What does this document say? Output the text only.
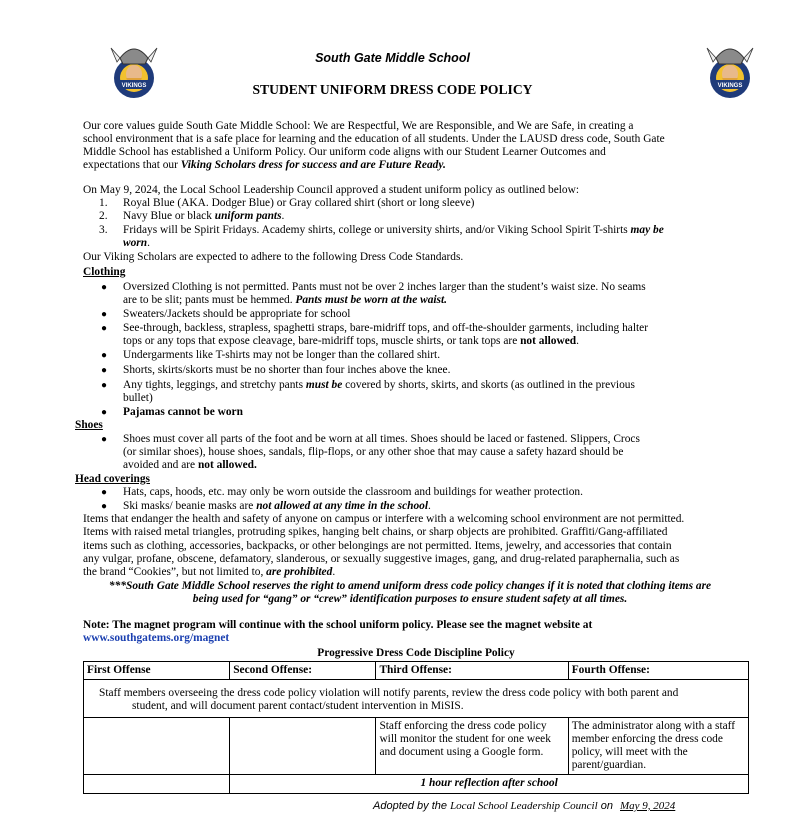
VIKINGS	VIKINGS
South Gate Middle School
STUDENT UNIFORM DRESS CODE POLICY
Our core values guide South Gate Middle School: We are Respectful, We are Responsible, and We are Safe, in creating a
school environment that is a safe place for learning and the education of all students. Under the LAUSD dress code, South Gate
Middle School has established a Uniform Policy. Our uniform code aligns with our Student Learner Outcomes and
expectations that our Viking Scholars dress for success and are Future Ready.
On May 9, 2024, the Local School Leadership Council approved a student uniform policy as outlined below:
1. Royal Blue (AKA. Dodger Blue) or Gray collared shirt (short or long sleeve)
2. Navy Blue or black uniform pants.
3. Fridays will be Spirit Fridays. Academy shirts, college or university shirts, and/or Viking School Spirit T-shirts may be
worn.
Our Viking Scholars are expected to adhere to the following Dress Code Standards.
Clothing
● Oversized Clothing is not permitted. Pants must not be over 2 inches larger than the student’s waist size. No seams
are to be slit; pants must be hemmed. Pants must be worn at the waist.
● Sweaters/Jackets should be appropriate for school
● See-through, backless, strapless, spaghetti straps, bare-midriff tops, and off-the-shoulder garments, including halter
tops or any tops that expose cleavage, bare-midriff tops, muscle shirts, or tank tops are not allowed.
● Undergarments like T-shirts may not be longer than the collared shirt.
● Shorts, skirts/skorts must be no shorter than four inches above the knee.
● Any tights, leggings, and stretchy pants must be covered by shorts, skirts, and skorts (as outlined in the previous
bullet)
● Pajamas cannot be worn
Shoes
● Shoes must cover all parts of the foot and be worn at all times. Shoes should be laced or fastened. Slippers, Crocs
(or similar shoes), house shoes, sandals, flip-flops, or any other shoe that may cause a safety hazard should be
avoided and are not allowed.
Head coverings
● Hats, caps, hoods, etc. may only be worn outside the classroom and buildings for weather protection.
● Ski masks/ beanie masks are not allowed at any time in the school.
Items that endanger the health and safety of anyone on campus or interfere with a welcoming school environment are not permitted.
Items with raised metal triangles, protruding spikes, hanging belt chains, or sharp objects are prohibited. Graffiti/Gang-affiliated
items such as clothing, accessories, backpacks, or other belongings are not permitted. Items, jewelry, and accessories that contain
any vulgar, profane, obscene, defamatory, slanderous, or sexually suggestive images, gang, and drug-related paraphernalia, such as
the brand “Cookies”, but not limited to, are prohibited.
***South Gate Middle School reserves the right to amend uniform dress code policy changes if it is noted that clothing items are
being used for “gang” or “crew” identification purposes to ensure student safety at all times.
Note: The magnet program will continue with the school uniform policy. Please see the magnet website at
www.southgatems.org/magnet
Progressive Dress Code Discipline Policy
First Offense	Second Offense:	Third Offense:	Fourth Offense:

Staff members overseeing the dress code policy violation will notify parents, review the dress code policy with both parent and
student, and will document parent contact/student intervention in MiSIS.			

		Staff enforcing the dress code policy will monitor the student for one week and document using a Google form.	The administrator along with a staff member enforcing the dress code policy, will meet with the parent/guardian.
	1 hour reflection after school		
Adopted by the Local School Leadership Council on May 9, 2024
